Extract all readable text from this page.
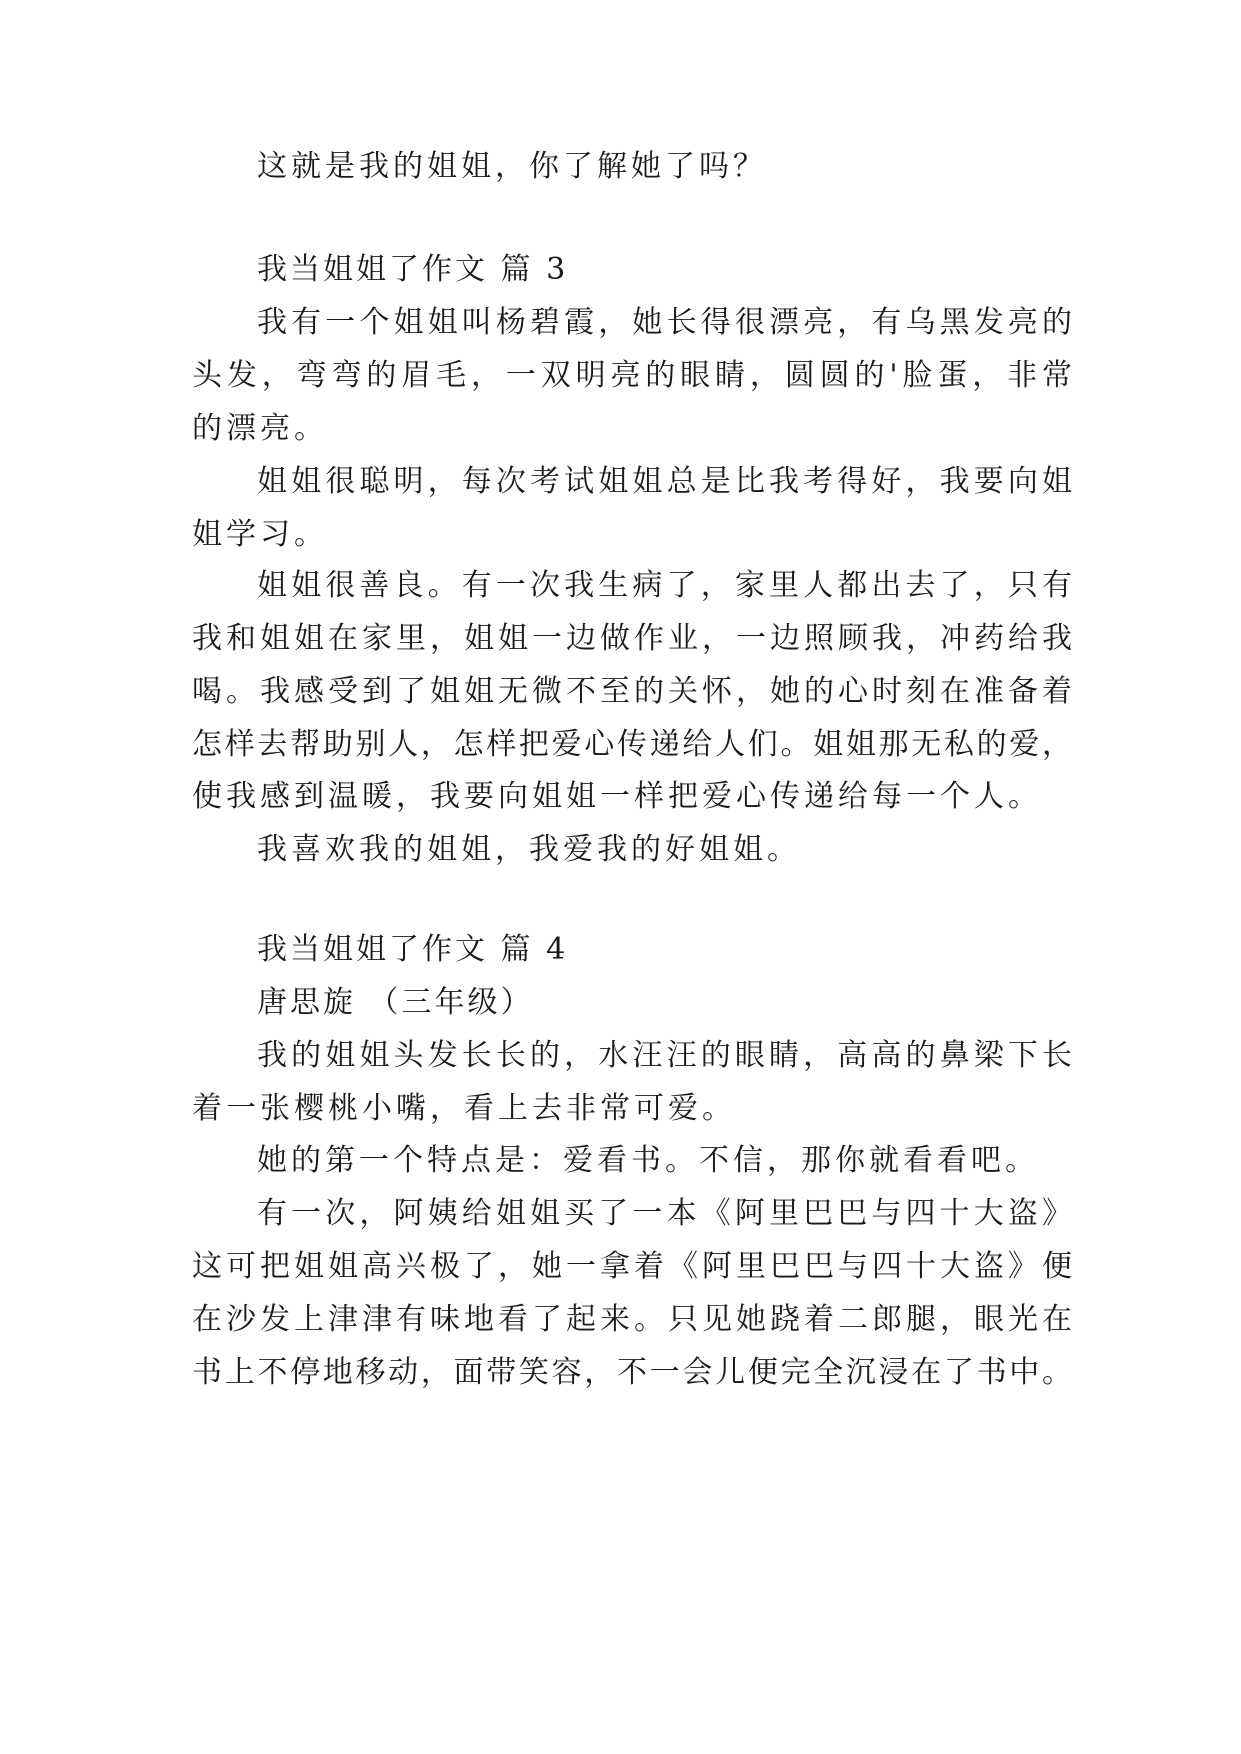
这就是我的姐姐，你了解她了吗？
我当姐姐了作文 篇 3
我有一个姐姐叫杨碧霞，她长得很漂亮，有乌黑发亮的
头发，弯弯的眉毛，一双明亮的眼睛，圆圆的'脸蛋，非常
的漂亮。
姐姐很聪明，每次考试姐姐总是比我考得好，我要向姐
姐学习。
姐姐很善良。有一次我生病了，家里人都出去了，只有
我和姐姐在家里，姐姐一边做作业，一边照顾我，冲药给我
喝。我感受到了姐姐无微不至的关怀，她的心时刻在准备着
怎样去帮助别人，怎样把爱心传递给人们。姐姐那无私的爱，
使我感到温暖，我要向姐姐一样把爱心传递给每一个人。
我喜欢我的姐姐，我爱我的好姐姐。
我当姐姐了作文 篇 4
唐思旋 （三年级）
我的姐姐头发长长的，水汪汪的眼睛，高高的鼻梁下长
着一张樱桃小嘴，看上去非常可爱。
她的第一个特点是：爱看书。不信，那你就看看吧。
有一次，阿姨给姐姐买了一本《阿里巴巴与四十大盗》
这可把姐姐高兴极了，她一拿着《阿里巴巴与四十大盗》便
在沙发上津津有味地看了起来。只见她跷着二郎腿，眼光在
书上不停地移动，面带笑容，不一会儿便完全沉浸在了书中。
